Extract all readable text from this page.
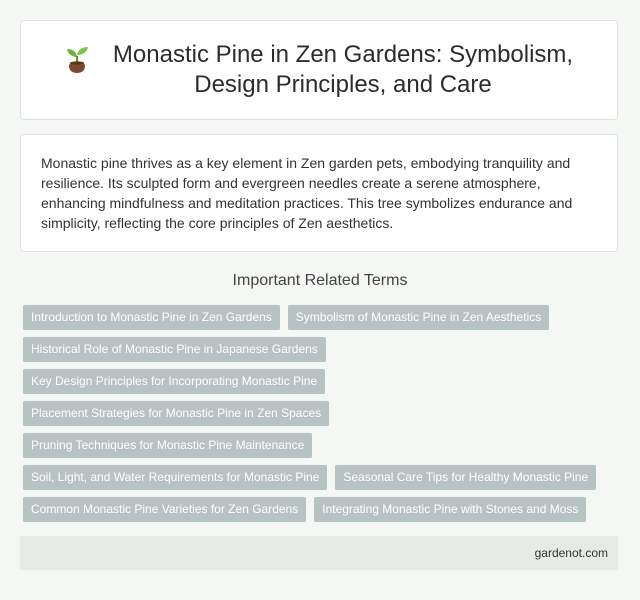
Monastic Pine in Zen Gardens: Symbolism, Design Principles, and Care

Monastic pine thrives as a key element in Zen garden pets, embodying tranquility and resilience. Its sculpted form and evergreen needles create a serene atmosphere, enhancing mindfulness and meditation practices. This tree symbolizes endurance and simplicity, reflecting the core principles of Zen aesthetics.

Important Related Terms
Introduction to Monastic Pine in Zen Gardens	Symbolism of Monastic Pine in Zen Aesthetics
Historical Role of Monastic Pine in Japanese Gardens
Key Design Principles for Incorporating Monastic Pine
Placement Strategies for Monastic Pine in Zen Spaces
Pruning Techniques for Monastic Pine Maintenance
Soil, Light, and Water Requirements for Monastic Pine	Seasonal Care Tips for Healthy Monastic Pine
Common Monastic Pine Varieties for Zen Gardens	Integrating Monastic Pine with Stones and Moss
gardenot.com
